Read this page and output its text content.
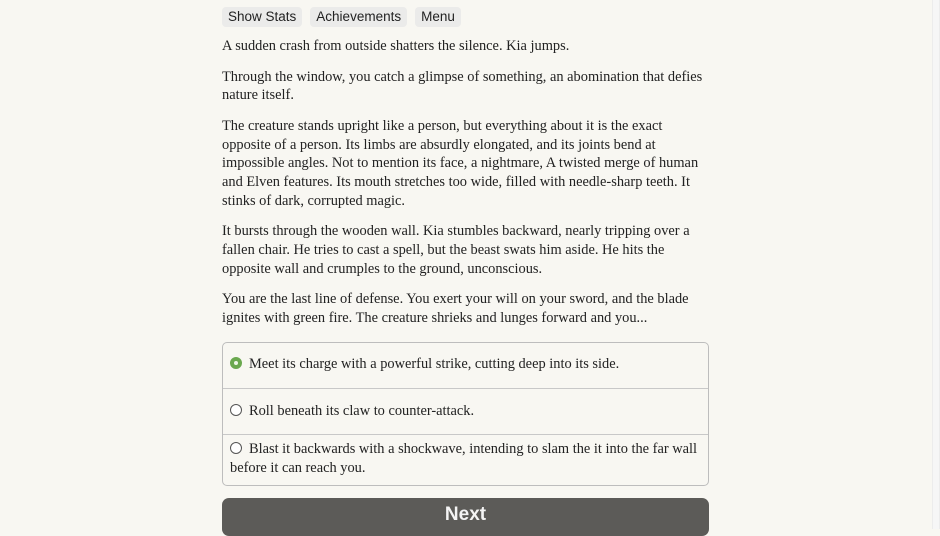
Show Stats	Achievements	Menu

A sudden crash from outside shatters the silence. Kia jumps.

Through the window, you catch a glimpse of something, an abomination that defies nature itself.

The creature stands upright like a person, but everything about it is the exact opposite of a person. Its limbs are absurdly elongated, and its joints bend at impossible angles. Not to mention its face, a nightmare, A twisted merge of human and Elven features. Its mouth stretches too wide, filled with needle-sharp teeth. It stinks of dark, corrupted magic.

It bursts through the wooden wall. Kia stumbles backward, nearly tripping over a fallen chair. He tries to cast a spell, but the beast swats him aside. He hits the opposite wall and crumples to the ground, unconscious.

You are the last line of defense. You exert your will on your sword, and the blade ignites with green fire. The creature shrieks and lunges forward and you...

Meet its charge with a powerful strike, cutting deep into its side.
Roll beneath its claw to counter-attack.
Blast it backwards with a shockwave, intending to slam the it into the far wall before it can reach you.
Next
